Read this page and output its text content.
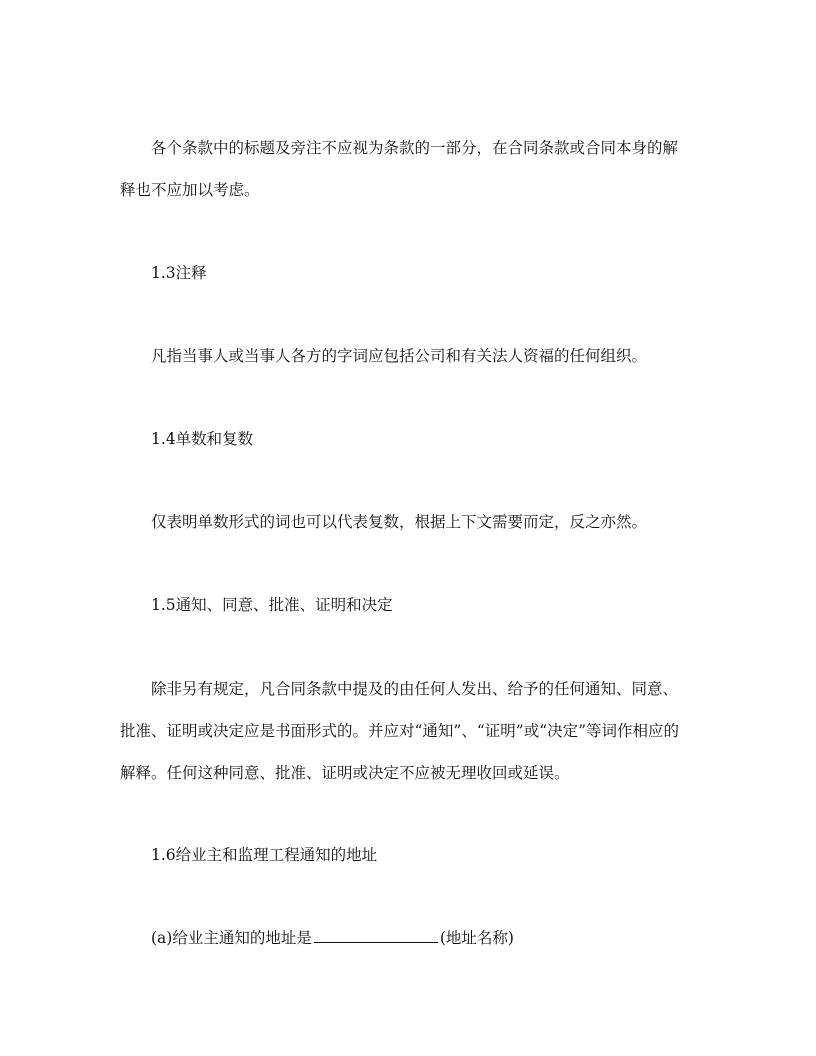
各个条款中的标题及旁注不应视为条款的一部分，在合同条款或合同本身的解
释也不应加以考虑。
1.3注释
凡指当事人或当事人各方的字词应包括公司和有关法人资福的任何组织。
1.4单数和复数
仅表明单数形式的词也可以代表复数，根据上下文需要而定，反之亦然。
1.5通知、同意、批准、证明和决定
除非另有规定，凡合同条款中提及的由任何人发出、给予的任何通知、同意、
批准、证明或决定应是书面形式的。并应对“通知”、“证明”或“决定”等词作相应的
解释。任何这种同意、批准、证明或决定不应被无理收回或延误。
1.6给业主和监理工程通知的地址
(a)给业主通知的地址是	(地址名称)
